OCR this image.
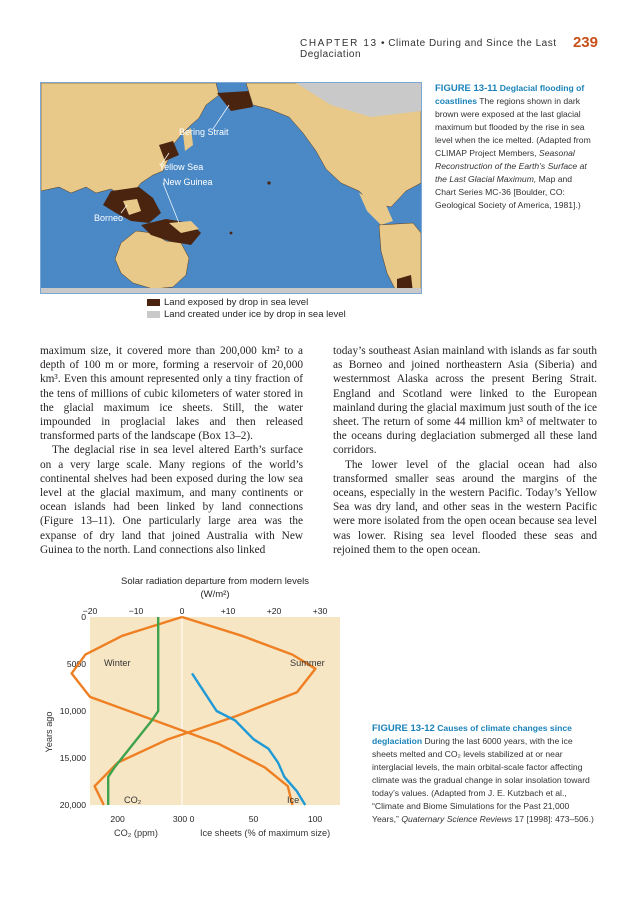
CHAPTER 13 • Climate During and Since the Last Deglaciation
239
Bering Strait
Yellow Sea
New Guinea
Borneo
Land exposed by drop in sea level
Land created under ice by drop in sea level
FIGURE 13-11 Deglacial flooding of coastlines The regions shown in dark brown were exposed at the last glacial maximum but flooded by the rise in sea level when the ice melted. (Adapted from CLIMAP Project Members, Seasonal Reconstruction of the Earth’s Surface at the Last Glacial Maximum, Map and Chart Series MC-36 [Boulder, CO: Geological Society of America, 1981].)

maximum size, it covered more than 200,000 km² to a depth of 100 m or more, forming a reservoir of 20,000 km³. Even this amount represented only a tiny fraction of the tens of millions of cubic kilometers of water stored in the glacial maximum ice sheets. Still, the water impounded in proglacial lakes and then released transformed parts of the landscape (Box 13–2).

The deglacial rise in sea level altered Earth’s surface on a very large scale. Many regions of the world’s continental shelves had been exposed during the low sea level at the glacial maximum, and many continents or ocean islands had been linked by land connections (Figure 13–11). One particularly large area was the expanse of dry land that joined Australia with New Guinea to the north. Land connections also linked

today’s southeast Asian mainland with islands as far south as Borneo and joined northeastern Asia (Siberia) and westernmost Alaska across the present Bering Strait. England and Scotland were linked to the European mainland during the glacial maximum just south of the ice sheet. The return of some 44 million km³ of meltwater to the oceans during deglaciation submerged all these land corridors.

The lower level of the glacial ocean had also transformed smaller seas around the margins of the oceans, especially in the western Pacific. Today’s Yellow Sea was dry land, and other seas in the western Pacific were more isolated from the open ocean because sea level was lower. Rising sea level flooded these seas and rejoined them to the open ocean.

Solar radiation departure from modern levels
(W/m²)
Years ago
−20	−10	0	+10	+20	+30
0
5000
10,000
15,000
20,000
200	300 0	50	100
Winter	Summer
CO₂	Ice
CO₂ (ppm)	Ice sheets (% of maximum size)
FIGURE 13-12 Causes of climate changes since deglaciation During the last 6000 years, with the ice sheets melted and CO₂ levels stabilized at or near interglacial levels, the main orbital-scale factor affecting climate was the gradual change in solar insolation toward today’s values. (Adapted from J. E. Kutzbach et al., “Climate and Biome Simulations for the Past 21,000 Years,” Quaternary Science Reviews 17 [1998]: 473–506.)
